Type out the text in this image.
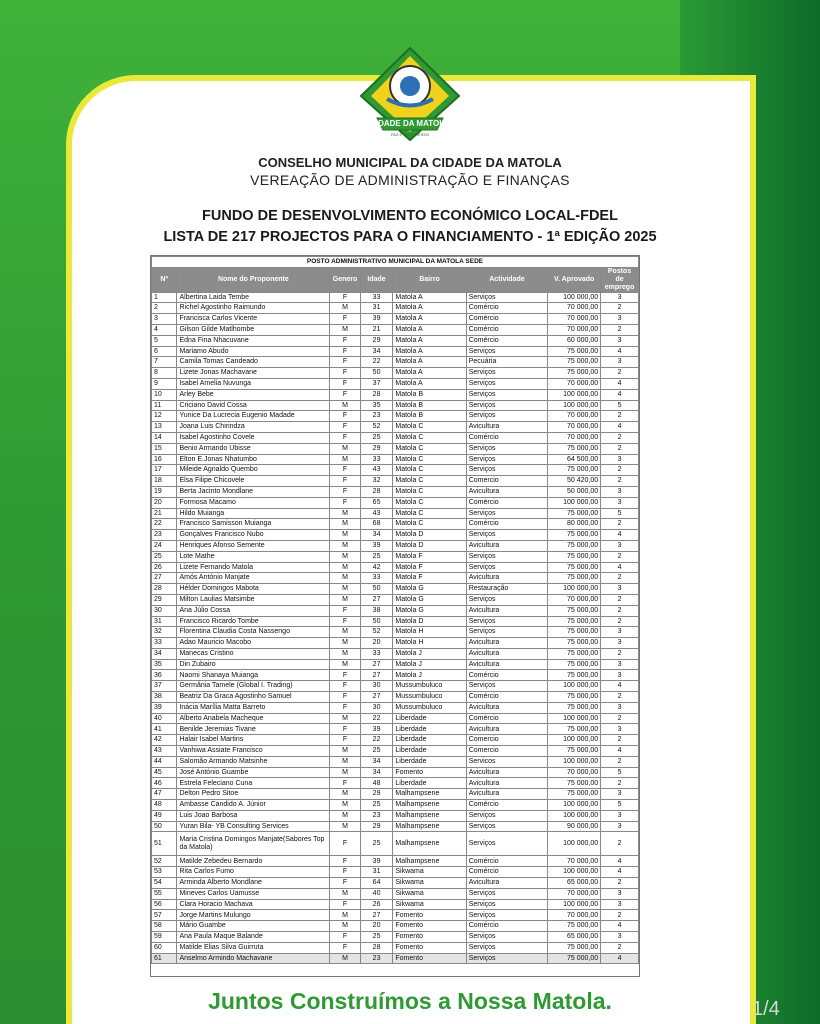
CIDADE DA MATOLA
PAZ E PROGRESSO
CONSELHO MUNICIPAL DA CIDADE DA MATOLA
VEREAÇÃO DE ADMINISTRAÇÃO E FINANÇAS
FUNDO DE DESENVOLVIMENTO ECONÓMICO LOCAL-FDEL
LISTA DE 217 PROJECTOS PARA O FINANCIAMENTO - 1ª EDIÇÃO 2025
POSTO ADMINISTRATIVO MUNICIPAL DA MATOLA SEDE							
Nº	Nome do Proponente	Genero	Idade	Bairro	Actividade	V. Aprovado	Postos de emprego
1	Albertina Laida Tembe	F	33	Matola A	Serviços	100 000,00	3
2	Richel Agostinho Raimundo	M	31	Matola A	Comércio	70 000,00	2
3	Francisca Carlos Vicente	F	39	Matola A	Comércio	70 000,00	3
4	Gilson Gilde Matlhombe	M	21	Matola A	Comércio	70 000,00	2
5	Edna Fina Nhacuvane	F	29	Matola A	Comércio	60 000,00	3
6	Mariamo Abudo	F	34	Matola A	Serviços	75 000,00	4
7	Camila Tomas Candeado	F	22	Matola A	Pecuária	75 000,00	3
8	Lizete Jonas Machavane	F	50	Matola A	Serviços	75 000,00	2
9	Isabel Amelia Nuvunga	F	37	Matola A	Serviços	70 000,00	4
10	Arley Bebe	F	28	Matola B	Serviços	100 000,00	4
11	Criciano David Cossa	M	35	Matola B	Serviços	100 000,00	5
12	Yunice Da Lucrecia Eugenio Madade	F	23	Matola B	Serviços	70 000,00	2
13	Joana Luis Chirindza	F	52	Matola C	Avicultura	70 000,00	4
14	Isabel Agostinho Covele	F	25	Matola C	Comércio	70 000,00	2
15	Benio Armando Ubisse	M	29	Matola C	Serviços	75 000,00	2
16	Elton E.Jonas Nhatumbo	M	33	Matola C	Serviços	64 500,00	3
17	Mileide Agnaldo Quembo	F	43	Matola C	Serviços	75 000,00	2
18	Elsa Filipe Chicovele	F	32	Matola C	Comercio	50 420,00	2
19	Berta Jacinto Mondlane	F	28	Matola C	Avicultura	50 000,00	3
20	Formosa Macamo	F	65	Matola C	Comércio	100 000,00	3
21	Hildo Muianga	M	43	Matola C	Serviços	75 000,00	5
22	Francisco Samisson Muianga	M	68	Matola C	Comércio	80 000,00	2
23	Gonçalves Francisco Nubo	M	34	Matola D	Serviços	75 000,00	4
24	Henriques Afonso Semente	M	39	Matola D	Avicultura	75 000,00	3
25	Lote Mathe	M	25	Matola F	Serviços	75 000,00	2
26	Lizete Fernando Matola	M	42	Matola F	Serviços	75 000,00	4
27	Amós António Manjate	M	33	Matola F	Avicultura	75 000,00	2
28	Hélder Domingos Mabota	M	50	Matola G	Restauração	100 000,00	3
29	Milton Laulias Matsimbe	M	27	Matola G	Serviços	70 000,00	2
30	Ana Júlio Cossa	F	38	Matola G	Avicultura	75 000,00	2
31	Francisco Ricardo Tombe	F	50	Matola D	Serviços	75 000,00	2
32	Florentina Claudia Costa Nassengo	M	52	Matola H	Serviços	75 000,00	3
33	Adao Mauricio Macobo	M	20	Matola H	Avicultura	75 000,00	3
34	Manecas Cristino	M	33	Matola J	Avicultura	75 000,00	2
35	Din Zubairo	M	27	Matola J	Avicultura	75 000,00	3
36	Naomi Shanaya Muianga	F	27	Matola J	Comércio	75 000,00	3
37	Germânia Tamele (Global I. Trading)	F	30	Mussumbuluco	Serviços	100 000,00	4
38	Beatriz Da Graca Agostinho Samuel	F	27	Mussumbuluco	Comércio	75 000,00	2
39	Inácia Marília Matta Barreto	F	30	Mussumbuluco	Avicultura	75 000,00	3
40	Alberto Anabela Macheque	M	22	Liberdade	Comércio	100 000,00	2
41	Benilde Jeremias Tivane	F	39	Liberdade	Avicultura	75 000,00	3
42	Halair Isabel Martins	F	22	Liberdade	Comercio	100 000,00	2
43	Vanhiwa Assiate Francisco	M	25	Liberdade	Comercio	75 000,00	4
44	Salomão Armando Matsinhe	M	34	Liberdade	Servicos	100 000,00	2
45	José António Guambe	M	34	Fomento	Avicultura	70 000,00	5
46	Estrela Feleciano Cuna	F	48	Liberdade	Avicultura	75 000,00	2
47	Delton Pedro Sitoe	M	29	Malhampsene	Avicultura	75 000,00	3
48	Ambasse Candido A. Júnior	M	25	Malhampsene	Comércio	100 000,00	5
49	Luis Joao Barbosa	M	23	Malhampsene	Serviços	100 000,00	3
50	Yuran Bila- YB Consulting Services	M	29	Malhampsene	Serviços	90 000,00	3
51	Maria Cristina Domingos Manjate(Sabores Top da Matola)	F	25	Malhampsene	Serviços	100 000,00	2
52	Matilde Zebedeu Bernardo	F	39	Malhampsene	Comércio	70 000,00	4
53	Rita Carlos Fumo	F	31	Sikwama	Comércio	100 000,00	4
54	Arminda Alberto Mondlane	F	64	Sikwama	Avicultura	65 000,00	2
55	Mineves Carlos Uamusse	M	40	Sikwama	Serviços	70 000,00	3
56	Clara Horacio Machava	F	26	Sikwama	Serviços	100 000,00	3
57	Jorge Martins Mulungo	M	27	Fomento	Serviços	70 000,00	2
58	Mário Guambe	M	20	Fomento	Comércio	75 000,00	4
59	Ana Paula Maque Balande	F	25	Fomento	Serviços	65 000,00	3
60	Matilde Elias Silva Guirruta	F	28	Fomento	Serviços	75 000,00	2
61	Anselmo Armindo Machavane	M	23	Fomento	Serviços	75 000,00	4
Juntos Construímos a Nossa Matola.	1/4
